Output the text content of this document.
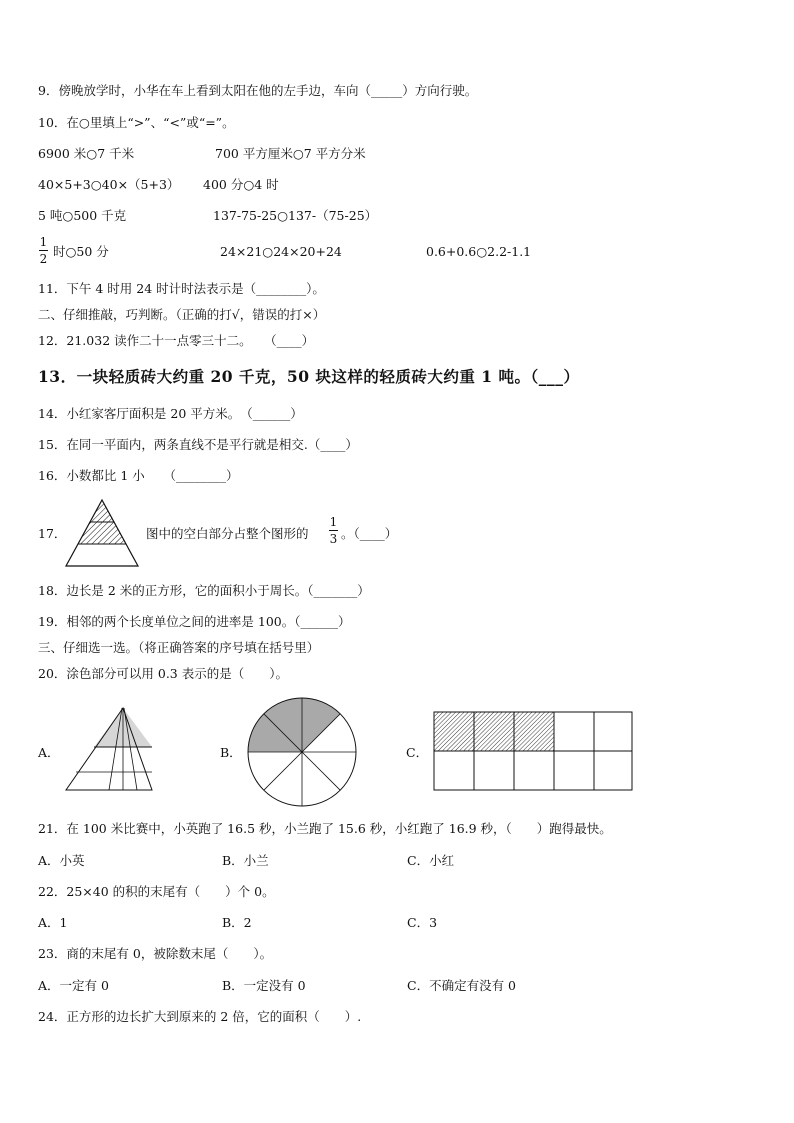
9．傍晚放学时，小华在车上看到太阳在他的左手边，车向（_____）方向行驶。
10．在○里填上“>”、“<”或“=”。
6900 米○7 千米	700 平方厘米○7 平方分米
40×5+3○40×（5+3） 400 分○4 时
5 吨○500 千克	137-75-25○137-（75-25）
1
2 时○50 分	24×21○24×20+24	0.6+0.6○2.2-1.1
11．下午 4 时用 24 时计时法表示是（________）。
二、仔细推敲，巧判断。（正确的打√，错误的打×）
12．21.032 读作二十一点零三十二。　　（____）
13．一块轻质砖大约重 20 千克，50 块这样的轻质砖大约重 1 吨。（___）
14．小红家客厅面积是 20 平方米。　（______）
15．在同一平面内，两条直线不是平行就是相交.（____）
16．小数都比 1 小　　（________）
17．	图中的空白部分占整个图形的
1
3 。（____）
18．边长是 2 米的正方形，它的面积小于周长。（_______）
19．相邻的两个长度单位之间的进率是 100。（______）
三、仔细选一选。（将正确答案的序号填在括号里）
20．涂色部分可以用 0.3 表示的是（　　）。
A．	B．	C．
21．在 100 米比赛中，小英跑了 16.5 秒，小兰跑了 15.6 秒，小红跑了 16.9 秒，（　　）跑得最快。
A．小英	B．小兰	C．小红
22．25×40 的积的末尾有（　　）个 0。
A．1	B．2	C．3
23．商的末尾有 0，被除数末尾（　　）。
A．一定有 0	B．一定没有 0	C．不确定有没有 0
24．正方形的边长扩大到原来的 2 倍，它的面积（　　）.
